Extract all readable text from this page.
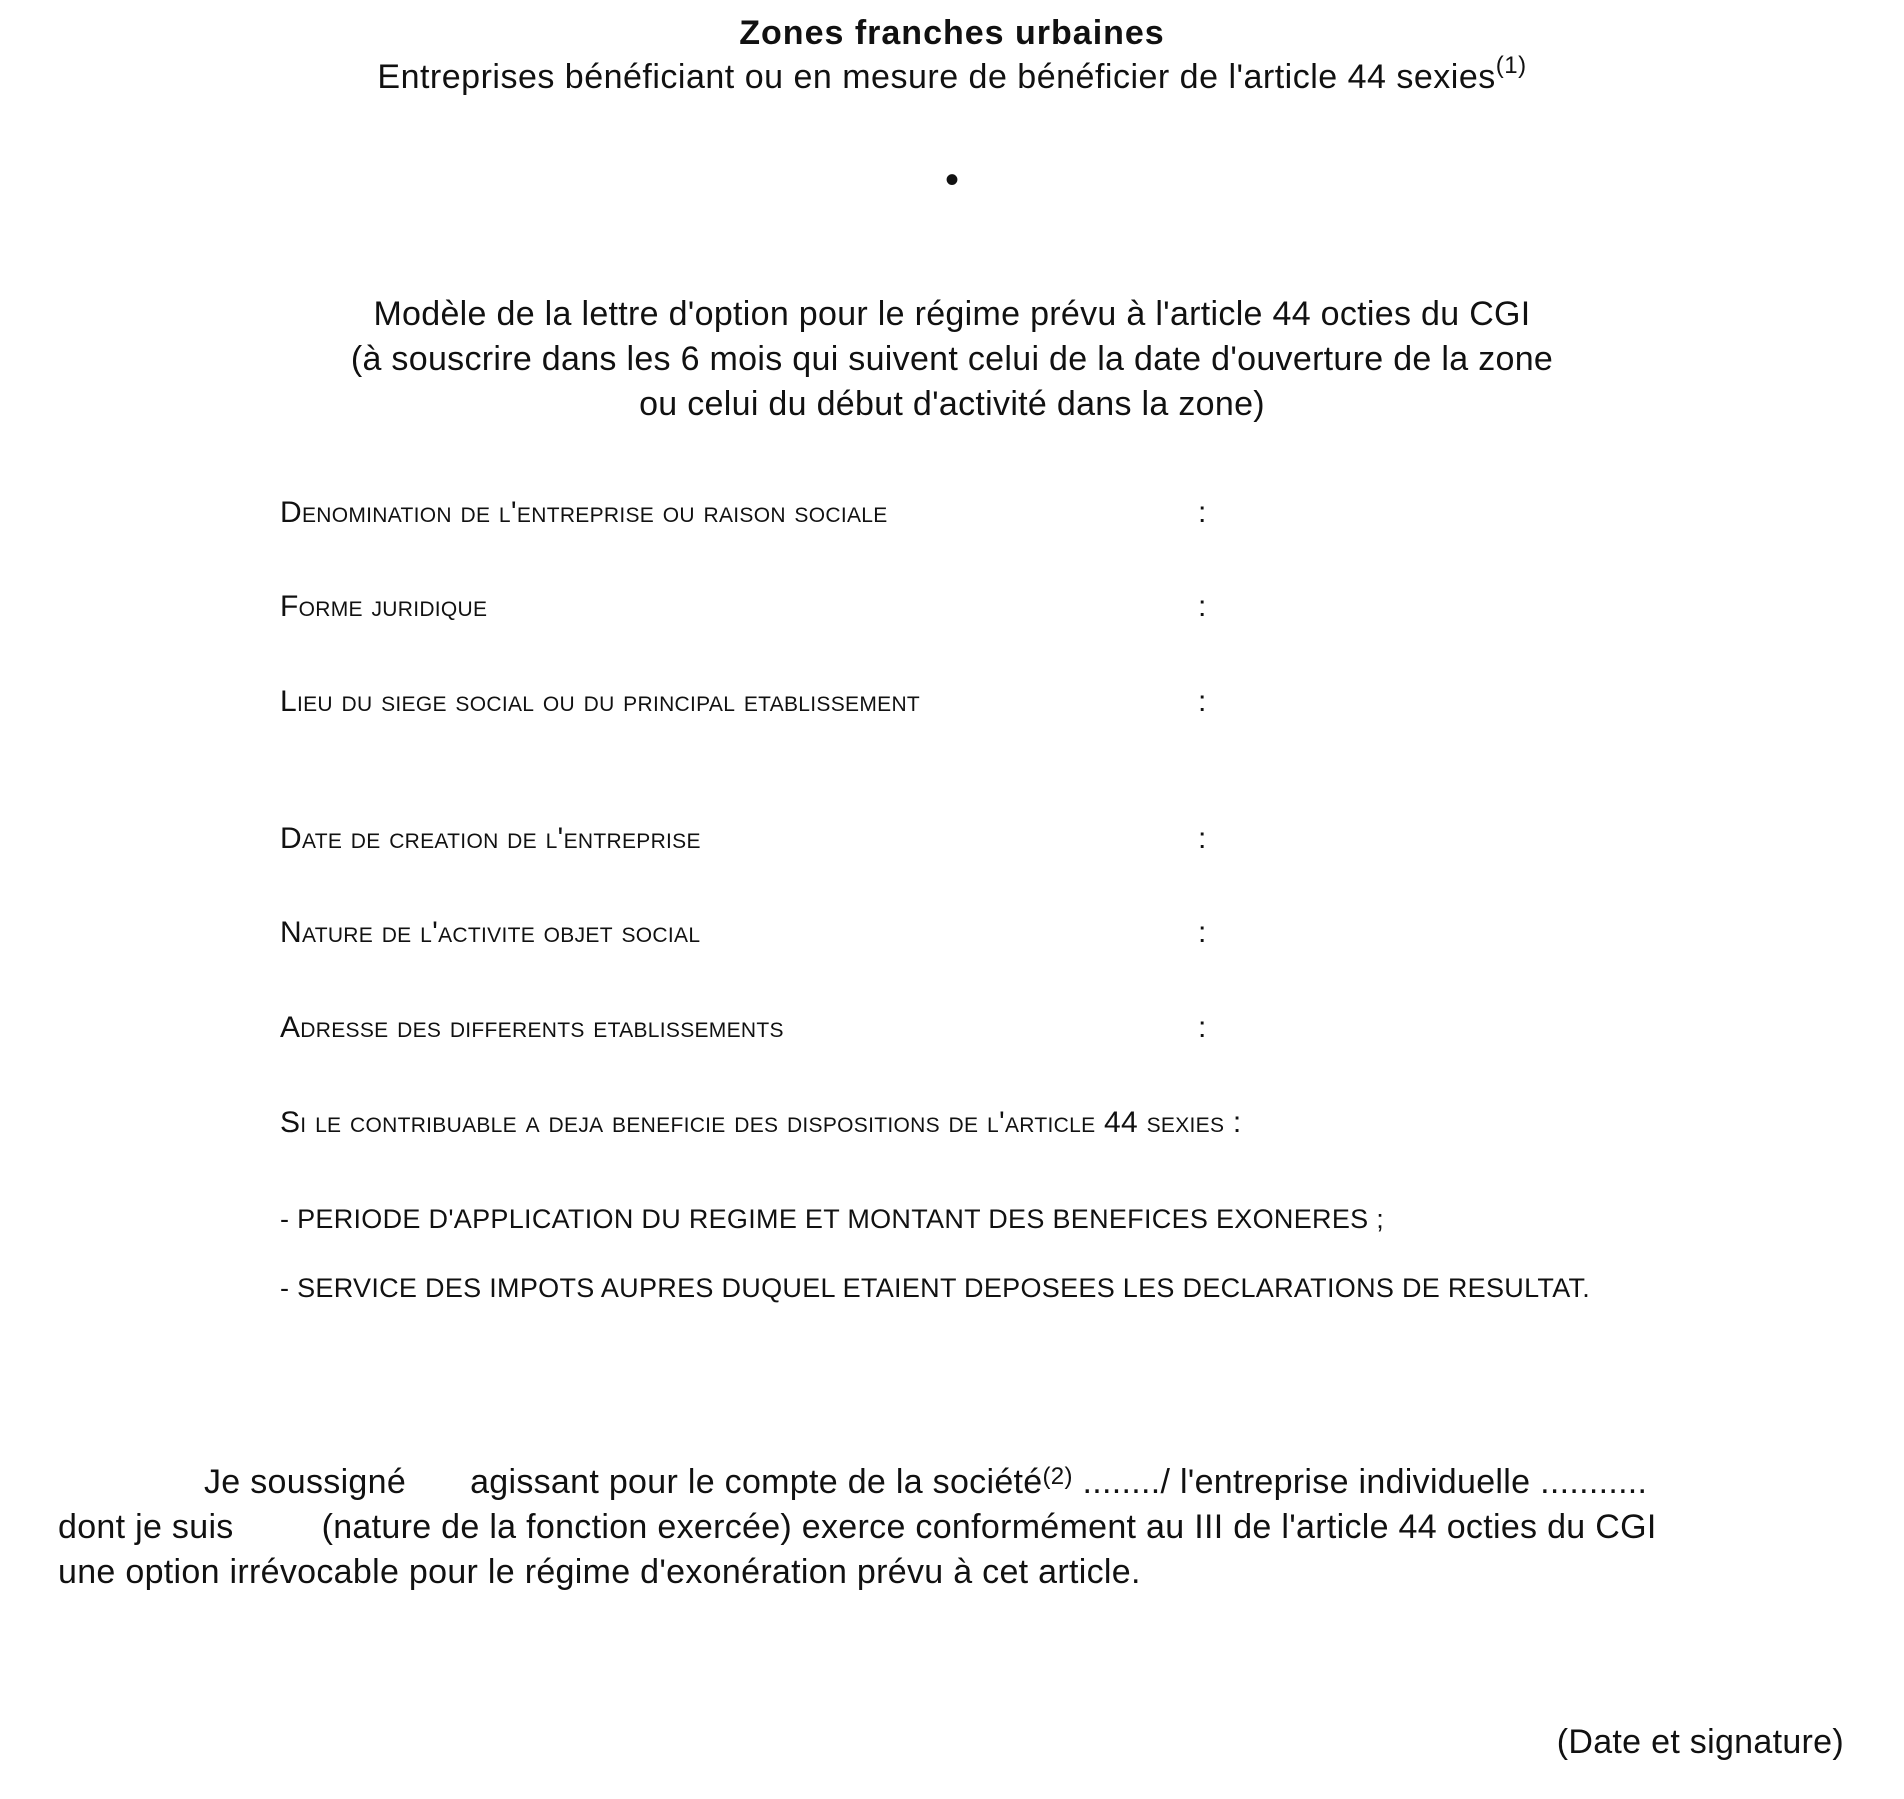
Zones franches urbaines
Entreprises bénéficiant ou en mesure de bénéficier de l'article 44 sexies$^{(1)}$
•
Modèle de la lettre d'option pour le régime prévu à l'article 44 octies du CGI
(à souscrire dans les 6 mois qui suivent celui de la date d'ouverture de la zone
ou celui du début d'activité dans la zone)
Denomination de l'entreprise ou raison sociale	:
Forme juridique	:
Lieu du siege social ou du principal etablissement	:
Date de creation de l'entreprise	:
Nature de l'activite objet social	:
Adresse des differents etablissements	:
Si le contribuable a deja beneficie des dispositions de l'article 44 sexies :
- PERIODE D'APPLICATION DU REGIME ET MONTANT DES BENEFICES EXONERES ;
- SERVICE DES IMPOTS AUPRES DUQUEL ETAIENT DEPOSEES LES DECLARATIONS DE RESULTAT.
Je soussigné agissant pour le compte de la société$^{(2)}$ ......../ l'entreprise individuelle ...........
dont je suis	(nature de la fonction exercée) exerce conformément au III de l'article 44 octies du CGI
une option irrévocable pour le régime d'exonération prévu à cet article.
(Date et signature)
